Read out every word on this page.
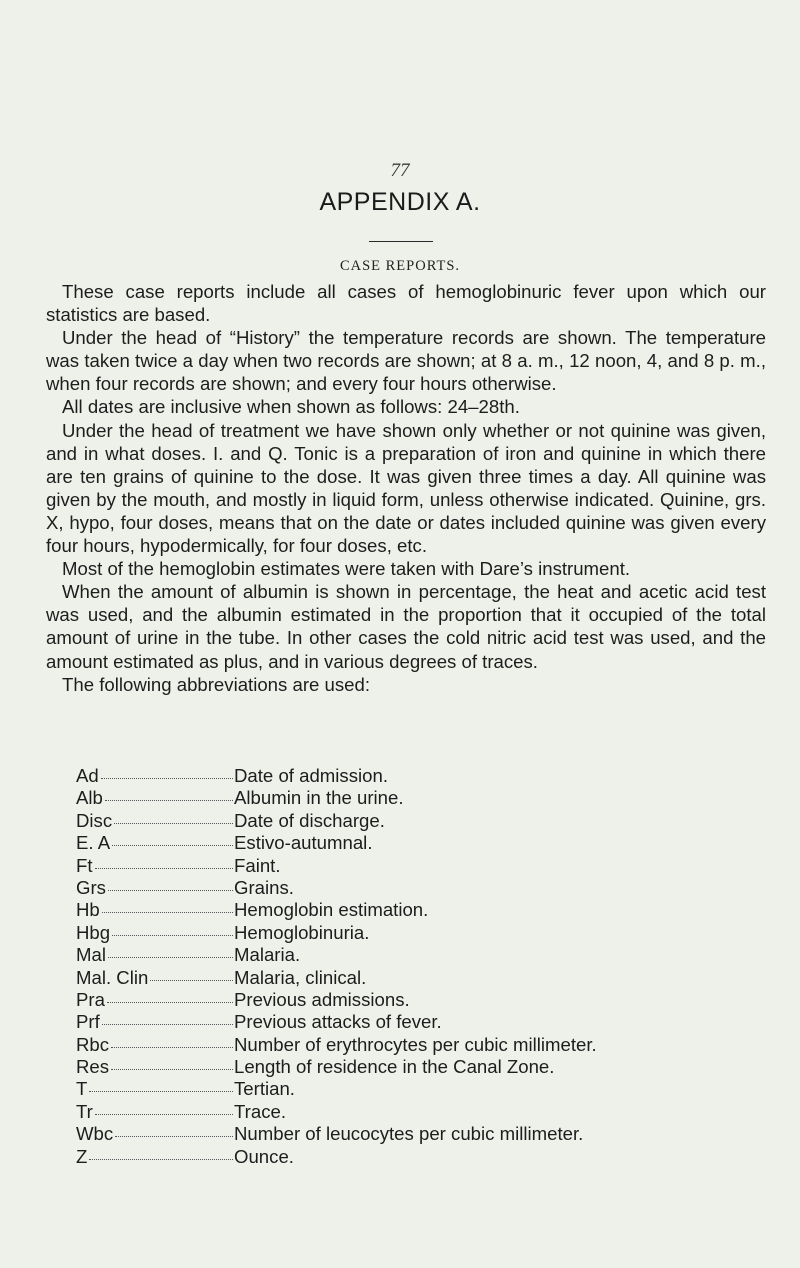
77
APPENDIX A.
CASE REPORTS.

These case reports include all cases of hemoglobinuric fever upon which our statistics are based.

Under the head of “History” the temperature records are shown. The temperature was taken twice a day when two records are shown; at 8 a. m., 12 noon, 4, and 8 p. m., when four records are shown; and every four hours otherwise.

All dates are inclusive when shown as follows: 24–28th.

Under the head of treatment we have shown only whether or not quinine was given, and in what doses. I. and Q. Tonic is a preparation of iron and quinine in which there are ten grains of quinine to the dose. It was given three times a day. All quinine was given by the mouth, and mostly in liquid form, unless otherwise indicated. Quinine, grs. X, hypo, four doses, means that on the date or dates included quinine was given every four hours, hypodermically, for four doses, etc.

Most of the hemoglobin estimates were taken with Dare’s instrument.

When the amount of albumin is shown in percentage, the heat and acetic acid test was used, and the albumin estimated in the proportion that it occupied of the total amount of urine in the tube. In other cases the cold nitric acid test was used, and the amount estimated as plus, and in various degrees of traces.

The following abbreviations are used:

Ad	Date of admission.
Alb	Albumin in the urine.
Disc	Date of discharge.
E. A	Estivo-autumnal.
Ft	Faint.
Grs	Grains.
Hb	Hemoglobin estimation.
Hbg	Hemoglobinuria.
Mal	Malaria.
Mal. Clin	Malaria, clinical.
Pra	Previous admissions.
Prf	Previous attacks of fever.
Rbc	Number of erythrocytes per cubic millimeter.
Res	Length of residence in the Canal Zone.
T	Tertian.
Tr	Trace.
Wbc	Number of leucocytes per cubic millimeter.
Z	Ounce.
